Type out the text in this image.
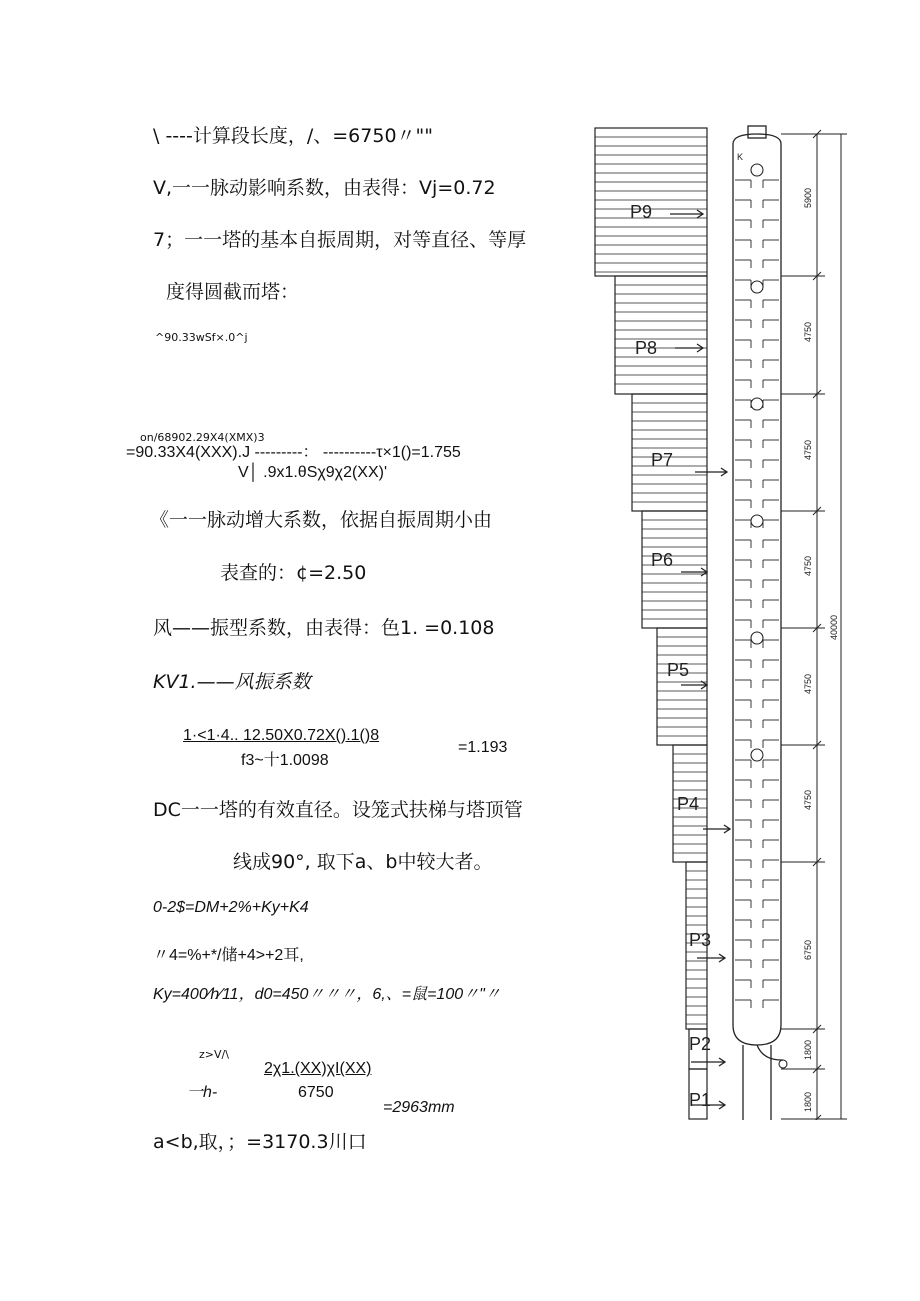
\ ----计算段长度，/、=6750〃""
V,一一脉动影响系数，由表得：Vj=0.72
7；一一塔的基本自振周期，对等直径、等厚
度得圆截而塔：
^90.33wSf×.0^j
on/68902.29X4(XMX)3
=90.33X4(XXX).J ---------： ----------τ×1()=1.755
V│ .9x1.θSχ9χ2(XX)'
《一一脉动增大系数，依据自振周期小由
表查的：¢=2.50
风——振型系数，由表得：色1. =0.108
KV1.——风振系数
1·<1·4.. 12.50X0.72X().1()8
f3~十1.0098
=1.193
DC一一塔的有效直径。设笼式扶梯与塔顶管
线成90°, 取下a、b中较大者。
0-2$=DM+2%+Ky+K4
〃4=%+*/储+4>+2耳,
Ky=400∕h∕11，d0=450〃〃〃，6,、=鼠=100〃"〃
z>V∕\
2χ1.(XX)χI(XX)
一h-	6750
=2963mm
a<b,取，；=3170.3川口
P9
P8
P7
P6
P5
P4
P3
P2
P1
K
5900
4750
4750
4750
4750
4750
6750
1800
1800
40000
